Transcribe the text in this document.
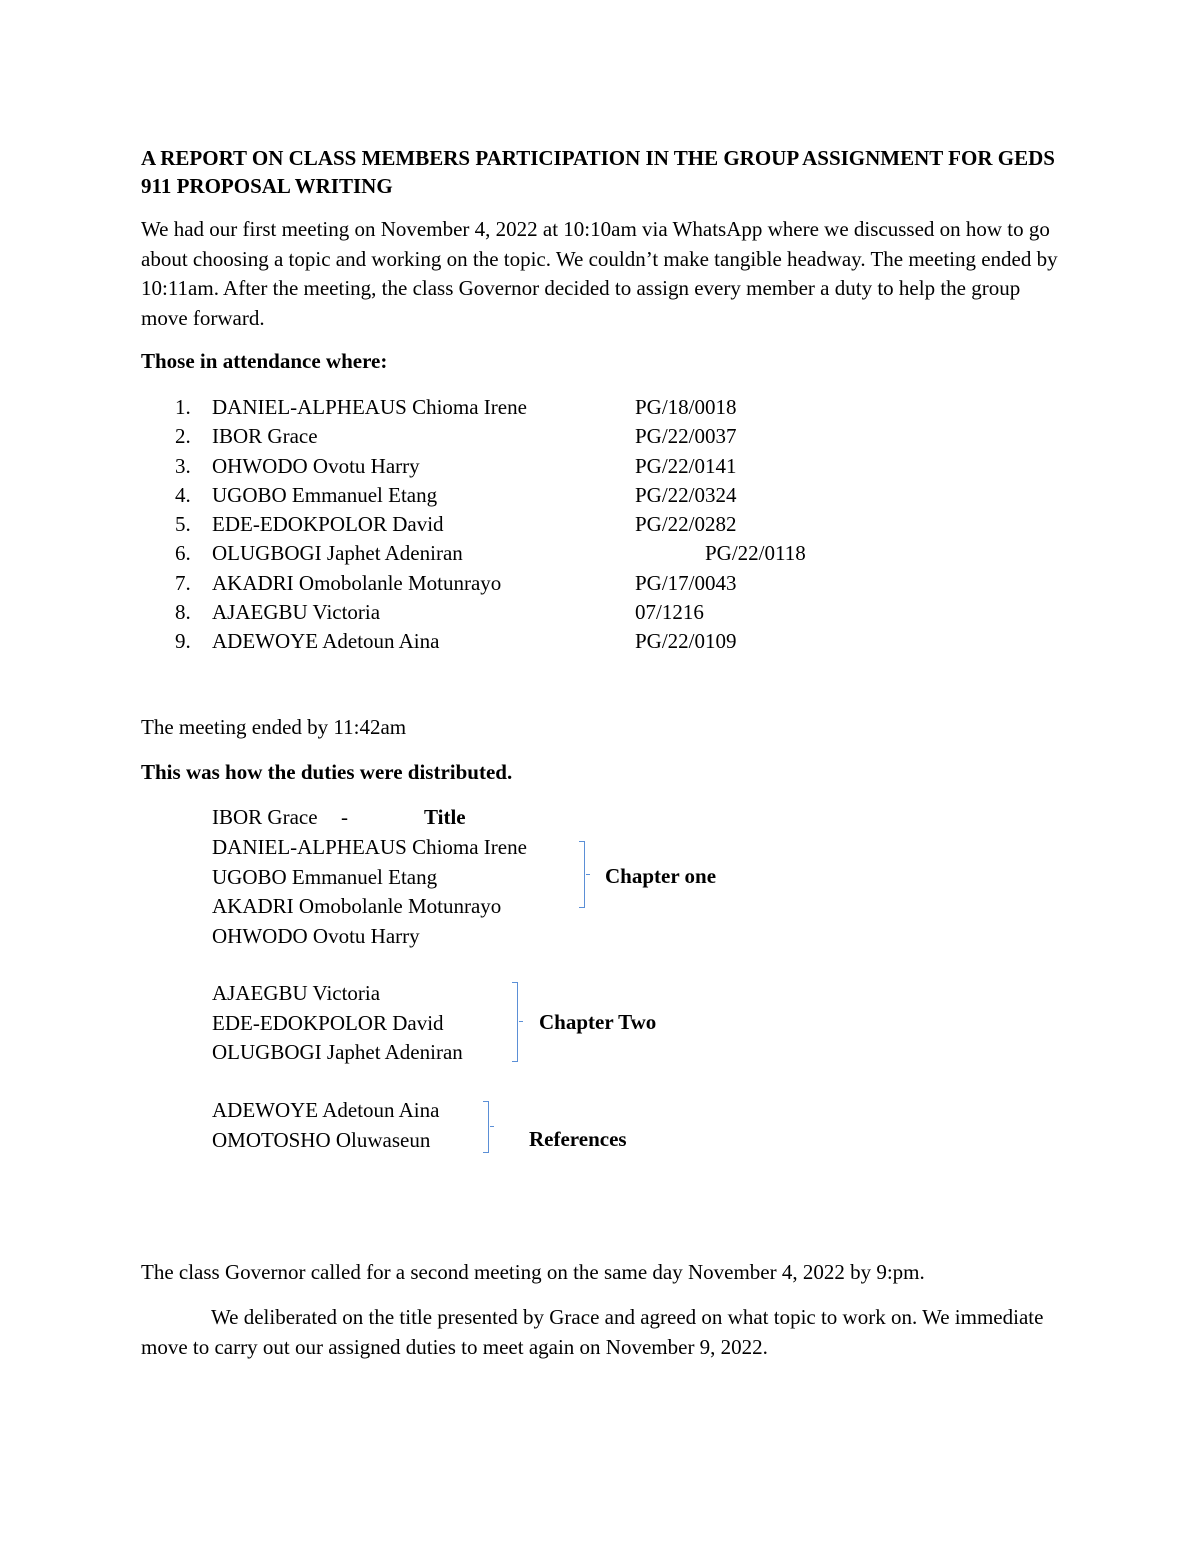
A REPORT ON CLASS MEMBERS PARTICIPATION IN THE GROUP ASSIGNMENT FOR GEDS 911 PROPOSAL WRITING
We had our first meeting on November 4, 2022 at 10:10am via WhatsApp where we discussed on how to go about choosing a topic and working on the topic. We couldn’t make tangible headway. The meeting ended by 10:11am. After the meeting, the class Governor decided to assign every member a duty to help the group move forward.
Those in attendance where:
1. DANIEL-ALPHEAUS Chioma Irene	PG/18/0018
2. IBOR Grace	PG/22/0037
3. OHWODO Ovotu Harry	PG/22/0141
4. UGOBO Emmanuel Etang	PG/22/0324
5. EDE-EDOKPOLOR David	PG/22/0282
6. OLUGBOGI Japhet Adeniran	PG/22/0118
7. AKADRI Omobolanle Motunrayo	PG/17/0043
8. AJAEGBU Victoria	07/1216
9. ADEWOYE Adetoun Aina	PG/22/0109
The meeting ended by 11:42am
This was how the duties were distributed.
IBOR Grace -	Title
DANIEL-ALPHEAUS Chioma Irene
UGOBO Emmanuel Etang
AKADRI Omobolanle Motunrayo
OHWODO Ovotu Harry
Chapter one
AJAEGBU Victoria
EDE-EDOKPOLOR David
OLUGBOGI Japhet Adeniran
Chapter Two
ADEWOYE Adetoun Aina
OMOTOSHO Oluwaseun	References
The class Governor called for a second meeting on the same day November 4, 2022 by 9:pm.
We deliberated on the title presented by Grace and agreed on what topic to work on. We immediate move to carry out our assigned duties to meet again on November 9, 2022.
